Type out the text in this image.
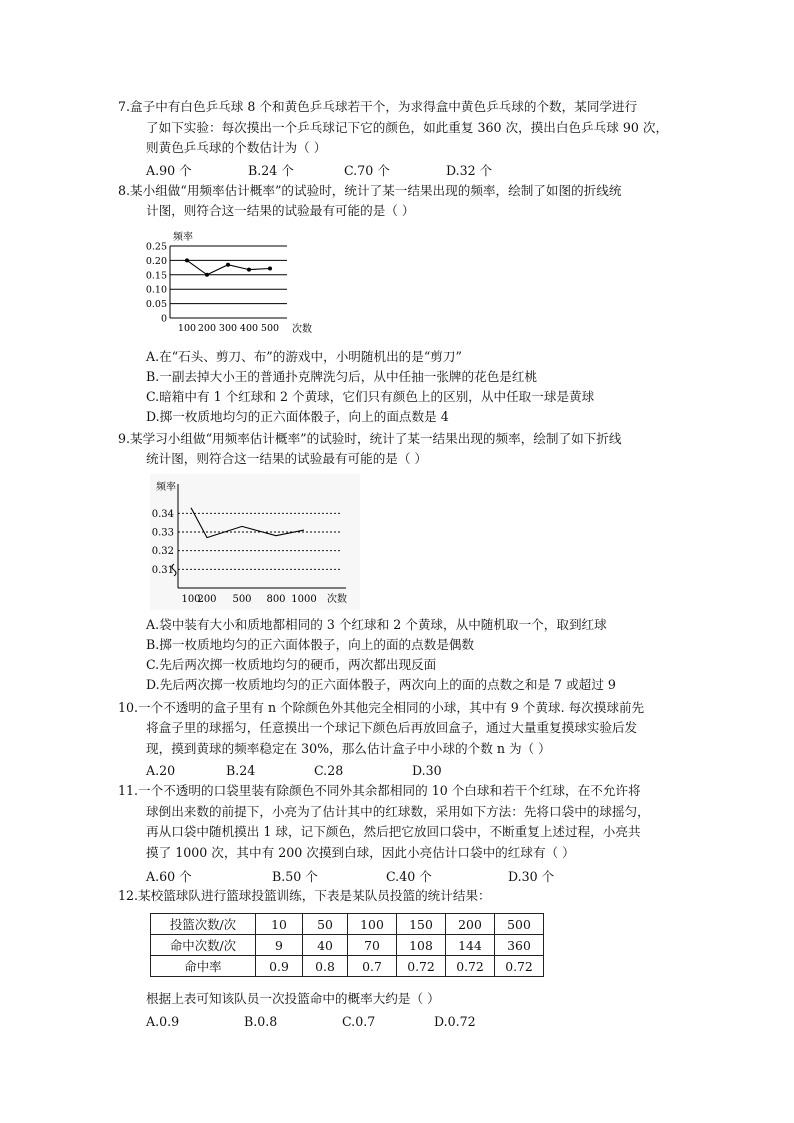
7.盒子中有白色乒乓球 8 个和黄色乒乓球若干个，为求得盒中黄色乒乓球的个数，某同学进行
了如下实验：每次摸出一个乒乓球记下它的颜色，如此重复 360 次，摸出白色乒乓球 90 次，
则黄色乒乓球的个数估计为（ ）
A.90 个	B.24 个	C.70 个	D.32 个
8.某小组做“用频率估计概率”的试验时，统计了某一结果出现的频率，绘制了如图的折线统
计图，则符合这一结果的试验最有可能的是（ ）
频率
0.25
0.20
0.15
0.10
0.05
0
100 200 300 400 500 次数
A.在“石头、剪刀、布”的游戏中，小明随机出的是“剪刀”
B.一副去掉大小王的普通扑克牌洗匀后，从中任抽一张牌的花色是红桃
C.暗箱中有 1 个红球和 2 个黄球，它们只有颜色上的区别，从中任取一球是黄球
D.掷一枚质地均匀的正六面体骰子，向上的面点数是 4
9.某学习小组做“用频率估计概率”的试验时，统计了某一结果出现的频率，绘制了如下折线
统计图，则符合这一结果的试验最有可能的是（ ）
频率
0.34
0.33
0.32
0.31
100
200 500 800 1000 次数
A.袋中装有大小和质地都相同的 3 个红球和 2 个黄球，从中随机取一个，取到红球
B.掷一枚质地均匀的正六面体骰子，向上的面的点数是偶数
C.先后两次掷一枚质地均匀的硬币，两次都出现反面
D.先后两次掷一枚质地均匀的正六面体骰子，两次向上的面的点数之和是 7 或超过 9
10.一个不透明的盒子里有 n 个除颜色外其他完全相同的小球，其中有 9 个黄球. 每次摸球前先
将盒子里的球摇匀，任意摸出一个球记下颜色后再放回盒子，通过大量重复摸球实验后发
现，摸到黄球的频率稳定在 30%，那么估计盒子中小球的个数 n 为（ ）
A.20	B.24	C.28	D.30
11.一个不透明的口袋里装有除颜色不同外其余都相同的 10 个白球和若干个红球，在不允许将
球倒出来数的前提下，小亮为了估计其中的红球数，采用如下方法：先将口袋中的球摇匀，
再从口袋中随机摸出 1 球，记下颜色，然后把它放回口袋中，不断重复上述过程，小亮共
摸了 1000 次，其中有 200 次摸到白球，因此小亮估计口袋中的红球有（ ）
A.60 个	B.50 个	C.40 个	D.30 个
12.某校篮球队进行篮球投篮训练，下表是某队员投篮的统计结果：
投篮次数/次	10	50	100	150	200	500
命中次数/次	9	40	70	108	144	360
命中率	0.9	0.8	0.7	0.72	0.72	0.72
根据上表可知该队员一次投篮命中的概率大约是（ ）
A.0.9	B.0.8	C.0.7	D.0.72
